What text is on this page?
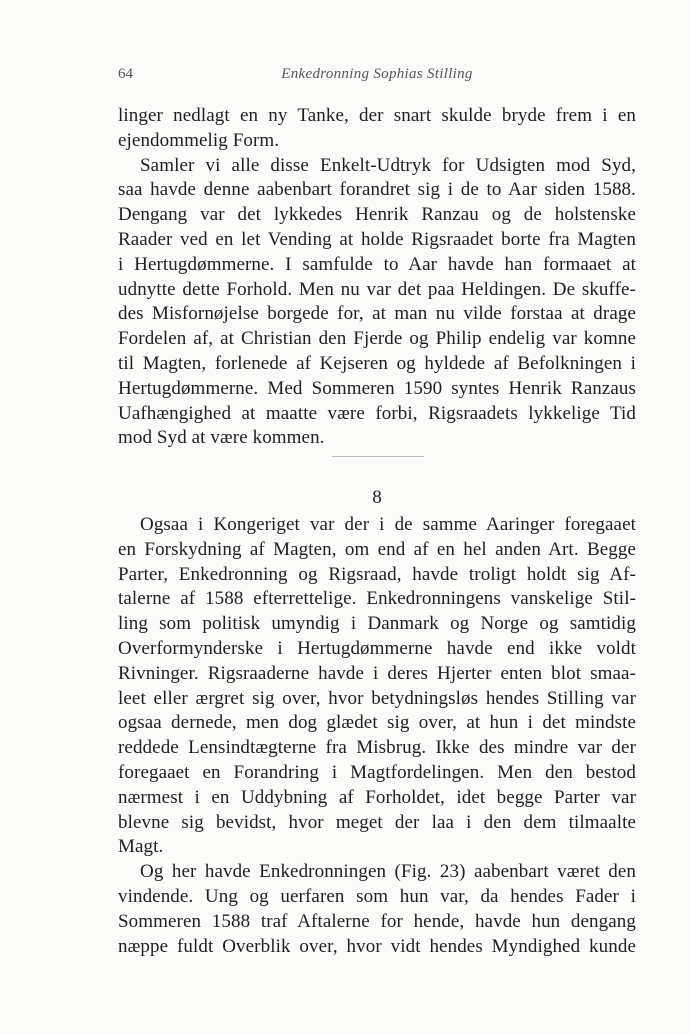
64	Enkedronning Sophias Stilling
linger nedlagt en ny Tanke, der snart skulde bryde frem i en
ejendommelig Form.
Samler vi alle disse Enkelt-Udtryk for Udsigten mod Syd,
saa havde denne aabenbart forandret sig i de to Aar siden 1588.
Dengang var det lykkedes Henrik Ranzau og de holstenske
Raader ved en let Vending at holde Rigsraadet borte fra Magten
i Hertugdømmerne. I samfulde to Aar havde han formaaet at
udnytte dette Forhold. Men nu var det paa Heldingen. De skuffe-
des Misfornøjelse borgede for, at man nu vilde forstaa at drage
Fordelen af, at Christian den Fjerde og Philip endelig var komne
til Magten, forlenede af Kejseren og hyldede af Befolkningen i
Hertugdømmerne. Med Sommeren 1590 syntes Henrik Ranzaus
Uafhængighed at maatte være forbi, Rigsraadets lykkelige Tid
mod Syd at være kommen.
8
Ogsaa i Kongeriget var der i de samme Aaringer foregaaet
en Forskydning af Magten, om end af en hel anden Art. Begge
Parter, Enkedronning og Rigsraad, havde troligt holdt sig Af-
talerne af 1588 efterrettelige. Enkedronningens vanskelige Stil-
ling som politisk umyndig i Danmark og Norge og samtidig
Overformynderske i Hertugdømmerne havde end ikke voldt
Rivninger. Rigsraaderne havde i deres Hjerter enten blot smaa-
leet eller ærgret sig over, hvor betydningsløs hendes Stilling var
ogsaa dernede, men dog glædet sig over, at hun i det mindste
reddede Lensindtægterne fra Misbrug. Ikke des mindre var der
foregaaet en Forandring i Magtfordelingen. Men den bestod
nærmest i en Uddybning af Forholdet, idet begge Parter var
blevne sig bevidst, hvor meget der laa i den dem tilmaalte
Magt.
Og her havde Enkedronningen (Fig. 23) aabenbart været den
vindende. Ung og uerfaren som hun var, da hendes Fader i
Sommeren 1588 traf Aftalerne for hende, havde hun dengang
næppe fuldt Overblik over, hvor vidt hendes Myndighed kunde
